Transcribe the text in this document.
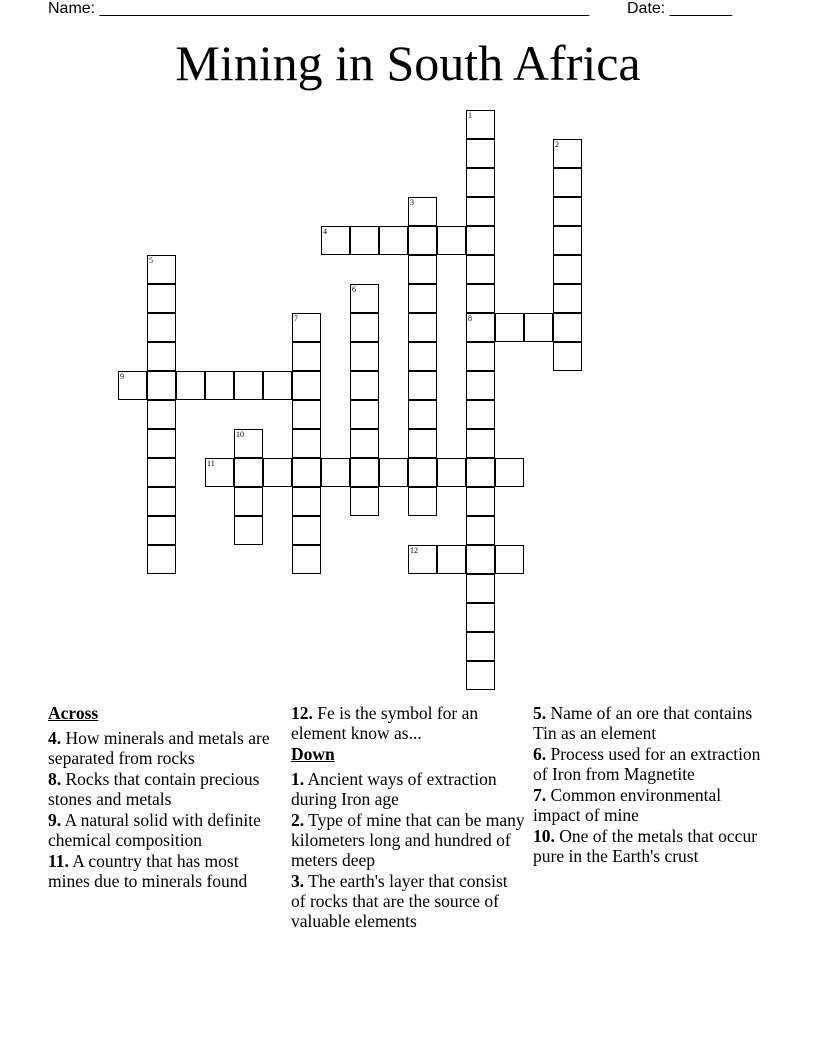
Name: _______________________________________________________ Date: _______
Mining in South Africa
1
8
2
3
4
5
6
7
9
10
11
12
Across
4. How minerals and metals are separated from rocks
8. Rocks that contain precious stones and metals
9. A natural solid with definite chemical composition
11. A country that has most mines due to minerals found
12. Fe is the symbol for an element know as...
Down
1. Ancient ways of extraction during Iron age
2. Type of mine that can be many kilometers long and hundred of meters deep
3. The earth's layer that consist of rocks that are the source of valuable elements
5. Name of an ore that contains Tin as an element
6. Process used for an extraction of Iron from Magnetite
7. Common environmental impact of mine
10. One of the metals that occur pure in the Earth's crust
